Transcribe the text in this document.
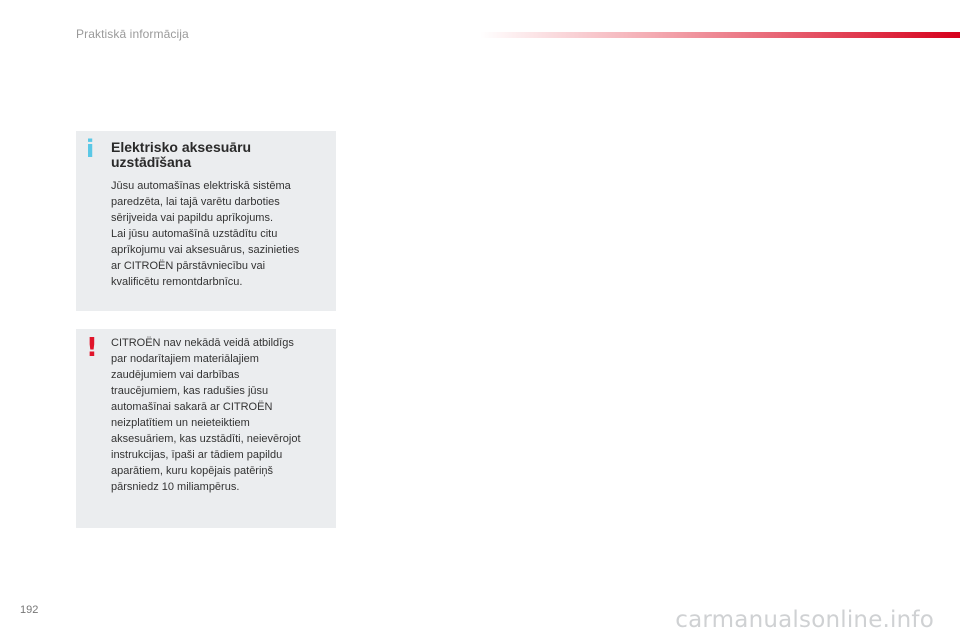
Praktiskā informācija
i Elektrisko aksesuāru
uzstādīšana

Jūsu automašīnas elektriskā sistēma
paredzēta, lai tajā varētu darboties
sērijveida vai papildu aprīkojums.
Lai jūsu automašīnā uzstādītu citu
aprīkojumu vai aksesuārus, sazinieties
ar CITROËN pārstāvniecību vai
kvalificētu remontdarbnīcu.

! CITROËN nav nekādā veidā atbildīgs
par nodarītajiem materiālajiem
zaudējumiem vai darbības
traucējumiem, kas radušies jūsu
automašīnai sakarā ar CITROËN
neizplatītiem un neieteiktiem
aksesuāriem, kas uzstādīti, neievērojot
instrukcijas, īpaši ar tādiem papildu
aparātiem, kuru kopējais patēriņš
pārsniedz 10 miliampērus.

192	carmanualsonline.info
